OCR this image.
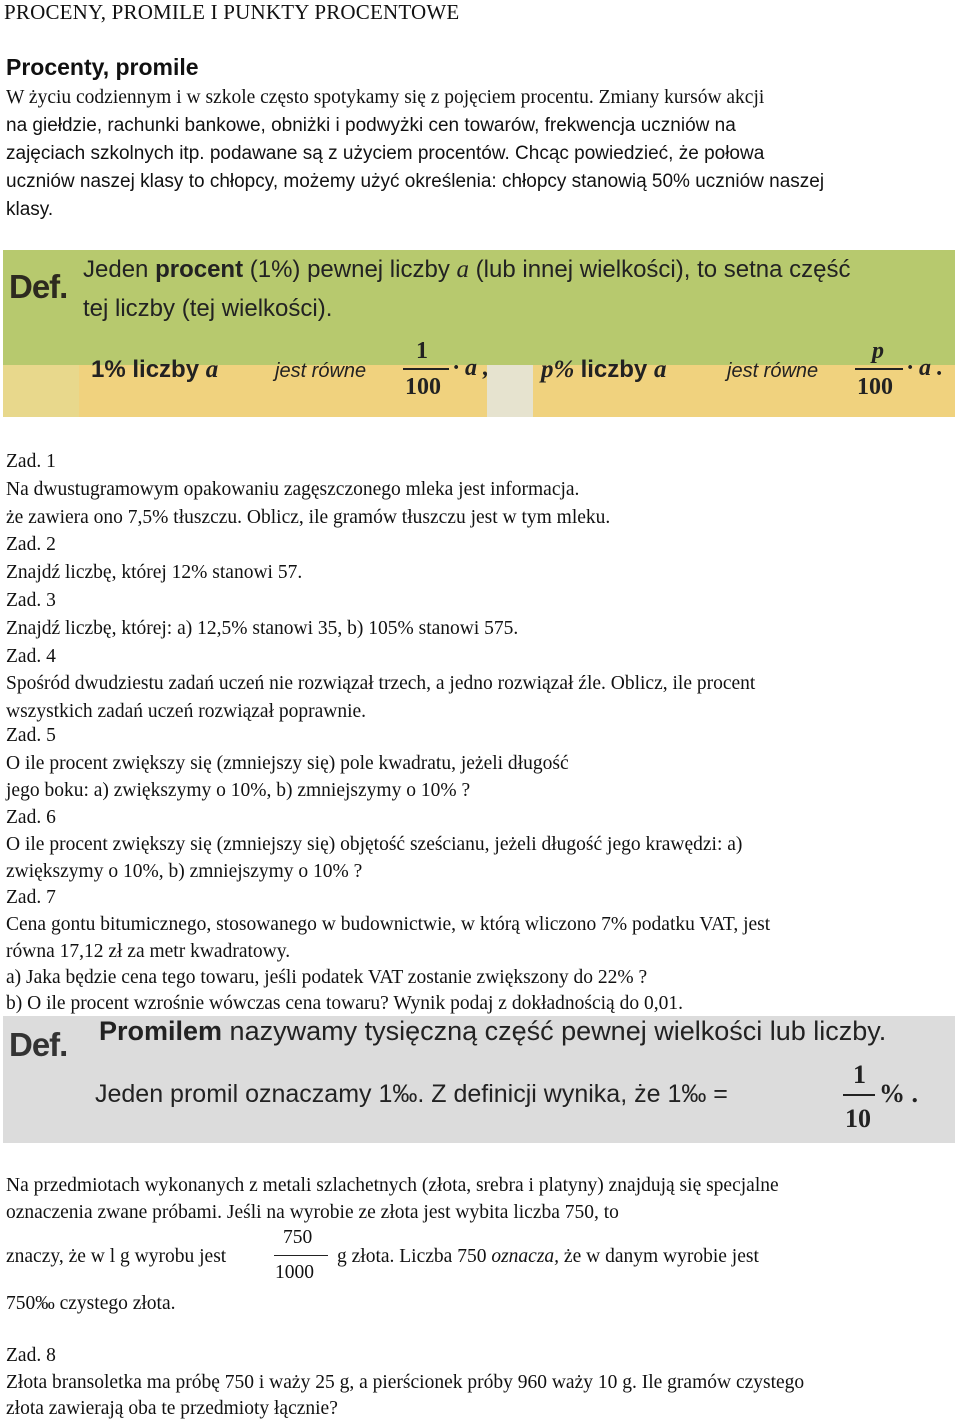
PROCENY, PROMILE I PUNKTY PROCENTOWE
Procenty, promile
W życiu codziennym i w szkole często spotykamy się z pojęciem procentu. Zmiany kursów akcji
na giełdzie, rachunki bankowe, obniżki i podwyżki cen towarów, frekwencja uczniów na
zajęciach szkolnych itp. podawane są z użyciem procentów. Chcąc powiedzieć, że połowa
uczniów naszej klasy to chłopcy, możemy użyć określenia: chłopcy stanowią 50% uczniów naszej
klasy.
Def. Jeden procent (1%) pewnej liczby a (lub innej wielkości), to setna część
tej liczby (tej wielkości).
1% liczby a	jest równe
1
100
· a , p% liczby a	jest równe
p
100
· a .
Zad. 1
Na dwustugramowym opakowaniu zagęszczonego mleka jest informacja.
że zawiera ono 7,5% tłuszczu. Oblicz, ile gramów tłuszczu jest w tym mleku.
Zad. 2
Znajdź liczbę, której 12% stanowi 57.
Zad. 3
Znajdź liczbę, której: a) 12,5% stanowi 35, b) 105% stanowi 575.
Zad. 4
Spośród dwudziestu zadań uczeń nie rozwiązał trzech, a jedno rozwiązał źle. Oblicz, ile procent
wszystkich zadań uczeń rozwiązał poprawnie.
Zad. 5
O ile procent zwiększy się (zmniejszy się) pole kwadratu, jeżeli długość
jego boku: a) zwiększymy o 10%, b) zmniejszymy o 10% ?
Zad. 6
O ile procent zwiększy się (zmniejszy się) objętość sześcianu, jeżeli długość jego krawędzi: a)
zwiększymy o 10%, b) zmniejszymy o 10% ?
Zad. 7
Cena gontu bitumicznego, stosowanego w budownictwie, w którą wliczono 7% podatku VAT, jest
równa 17,12 zł za metr kwadratowy.
a) Jaka będzie cena tego towaru, jeśli podatek VAT zostanie zwiększony do 22% ?
b) O ile procent wzrośnie wówczas cena towaru? Wynik podaj z dokładnością do 0,01.
Def. Promilem nazywamy tysięczną część pewnej wielkości lub liczby.
Jeden promil oznaczamy 1‰. Z definicji wynika, że 1‰ =
1
10
% .
Na przedmiotach wykonanych z metali szlachetnych (złota, srebra i platyny) znajdują się specjalne
oznaczenia zwane próbami. Jeśli na wyrobie ze złota jest wybita liczba 750, to
znaczy, że w l g wyrobu jest
750
1000
g złota. Liczba 750 oznacza, że w danym wyrobie jest
750‰ czystego złota.
Zad. 8
Złota bransoletka ma próbę 750 i waży 25 g, a pierścionek próby 960 waży 10 g. Ile gramów czystego
złota zawierają oba te przedmioty łącznie?
